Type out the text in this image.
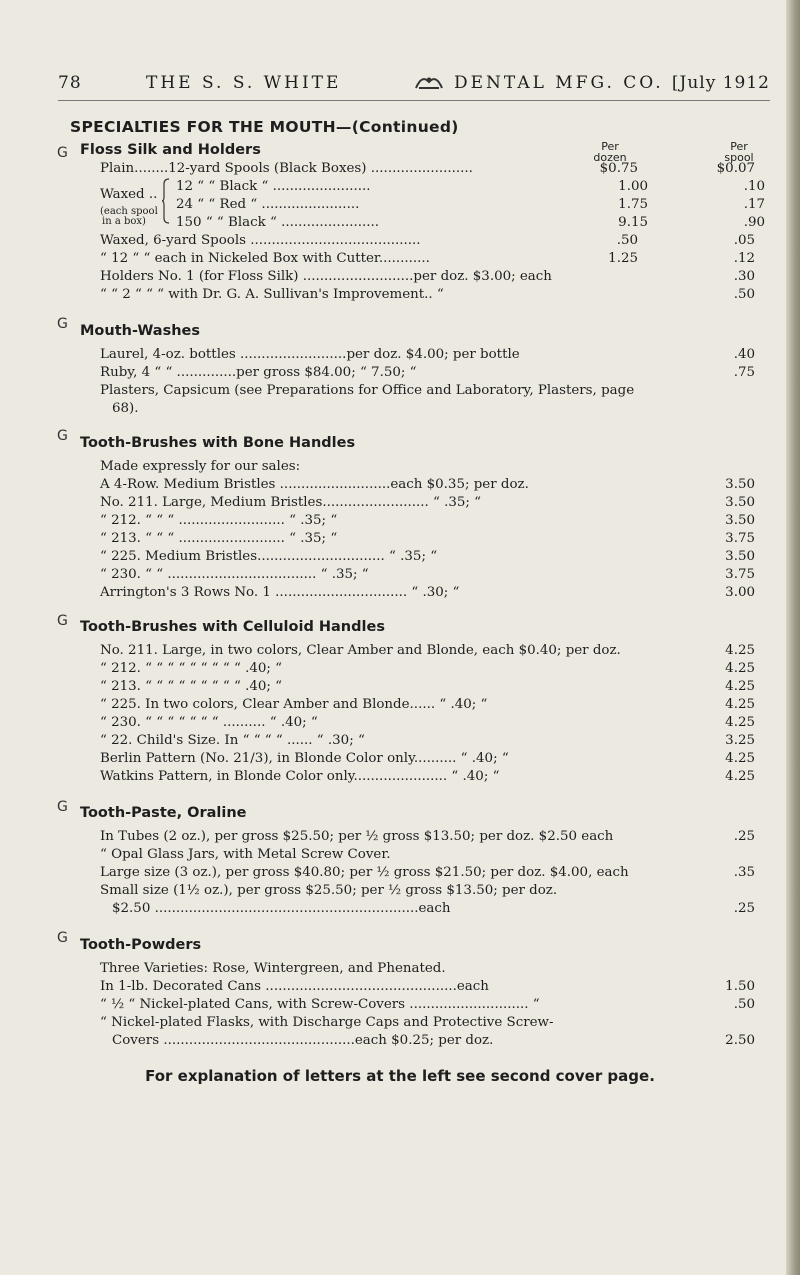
78	THE S. S. WHITE	DENTAL MFG. CO. [July 1912
SPECIALTIES FOR THE MOUTH—(Continued)
G Floss Silk and Holders	Per
dozen
Per
spool
Plain........12-yard Spools (Black Boxes) ........................	$0.75	$0.07
Waxed ..
(each spool
in a box)
12 “ “ Black “ .......................	1.00	.10
24 “ “ Red “ .......................	1.75	.17
150 “ “ Black “ .......................	9.15	.90
Waxed, 6-yard Spools ........................................	.50	.05
“ 12 “ “ each in Nickeled Box with Cutter............	1.25	.12
Holders No. 1 (for Floss Silk) ..........................per doz. $3.00; each	.30
“ “ 2 “ “ “ with Dr. G. A. Sullivan's Improvement.. “	.50
G Mouth-Washes
Laurel, 4-oz. bottles .........................per doz. $4.00; per bottle	.40
Ruby, 4 “ “ ..............per gross $84.00; “ 7.50; “	.75
Plasters, Capsicum (see Preparations for Office and Laboratory, Plasters, page
68).
G Tooth-Brushes with Bone Handles
Made expressly for our sales:
A 4-Row. Medium Bristles ..........................each $0.35; per doz.	3.50
No. 211. Large, Medium Bristles......................... “ .35; “	3.50
“ 212. “ “ “ ......................... “ .35; “	3.50
“ 213. “ “ “ ......................... “ .35; “	3.75
“ 225. Medium Bristles.............................. “ .35; “	3.50
“ 230. “ “ ................................... “ .35; “	3.75
Arrington's 3 Rows No. 1 ............................... “ .30; “	3.00
G Tooth-Brushes with Celluloid Handles
No. 211. Large, in two colors, Clear Amber and Blonde, each $0.40; per doz.	4.25
“ 212. “ “ “ “ “ “ “ “ “ .40; “	4.25
“ 213. “ “ “ “ “ “ “ “ “ .40; “	4.25
“ 225. In two colors, Clear Amber and Blonde...... “ .40; “	4.25
“ 230. “ “ “ “ “ “ “ .......... “ .40; “	4.25
“ 22. Child's Size. In “ “ “ “ ...... “ .30; “	3.25
Berlin Pattern (No. 21/3), in Blonde Color only.......... “ .40; “	4.25
Watkins Pattern, in Blonde Color only...................... “ .40; “	4.25
G Tooth-Paste, Oraline
In Tubes (2 oz.), per gross $25.50; per ½ gross $13.50; per doz. $2.50 each	.25
“ Opal Glass Jars, with Metal Screw Cover.
Large size (3 oz.), per gross $40.80; per ½ gross $21.50; per doz. $4.00, each	.35
Small size (1½ oz.), per gross $25.50; per ½ gross $13.50; per doz.
$2.50 ..............................................................each	.25
G Tooth-Powders
Three Varieties: Rose, Wintergreen, and Phenated.
In 1-lb. Decorated Cans .............................................each	1.50
“ ½ “ Nickel-plated Cans, with Screw-Covers ............................ “	.50
“ Nickel-plated Flasks, with Discharge Caps and Protective Screw-
Covers .............................................each $0.25; per doz.	2.50
For explanation of letters at the left see second cover page.
